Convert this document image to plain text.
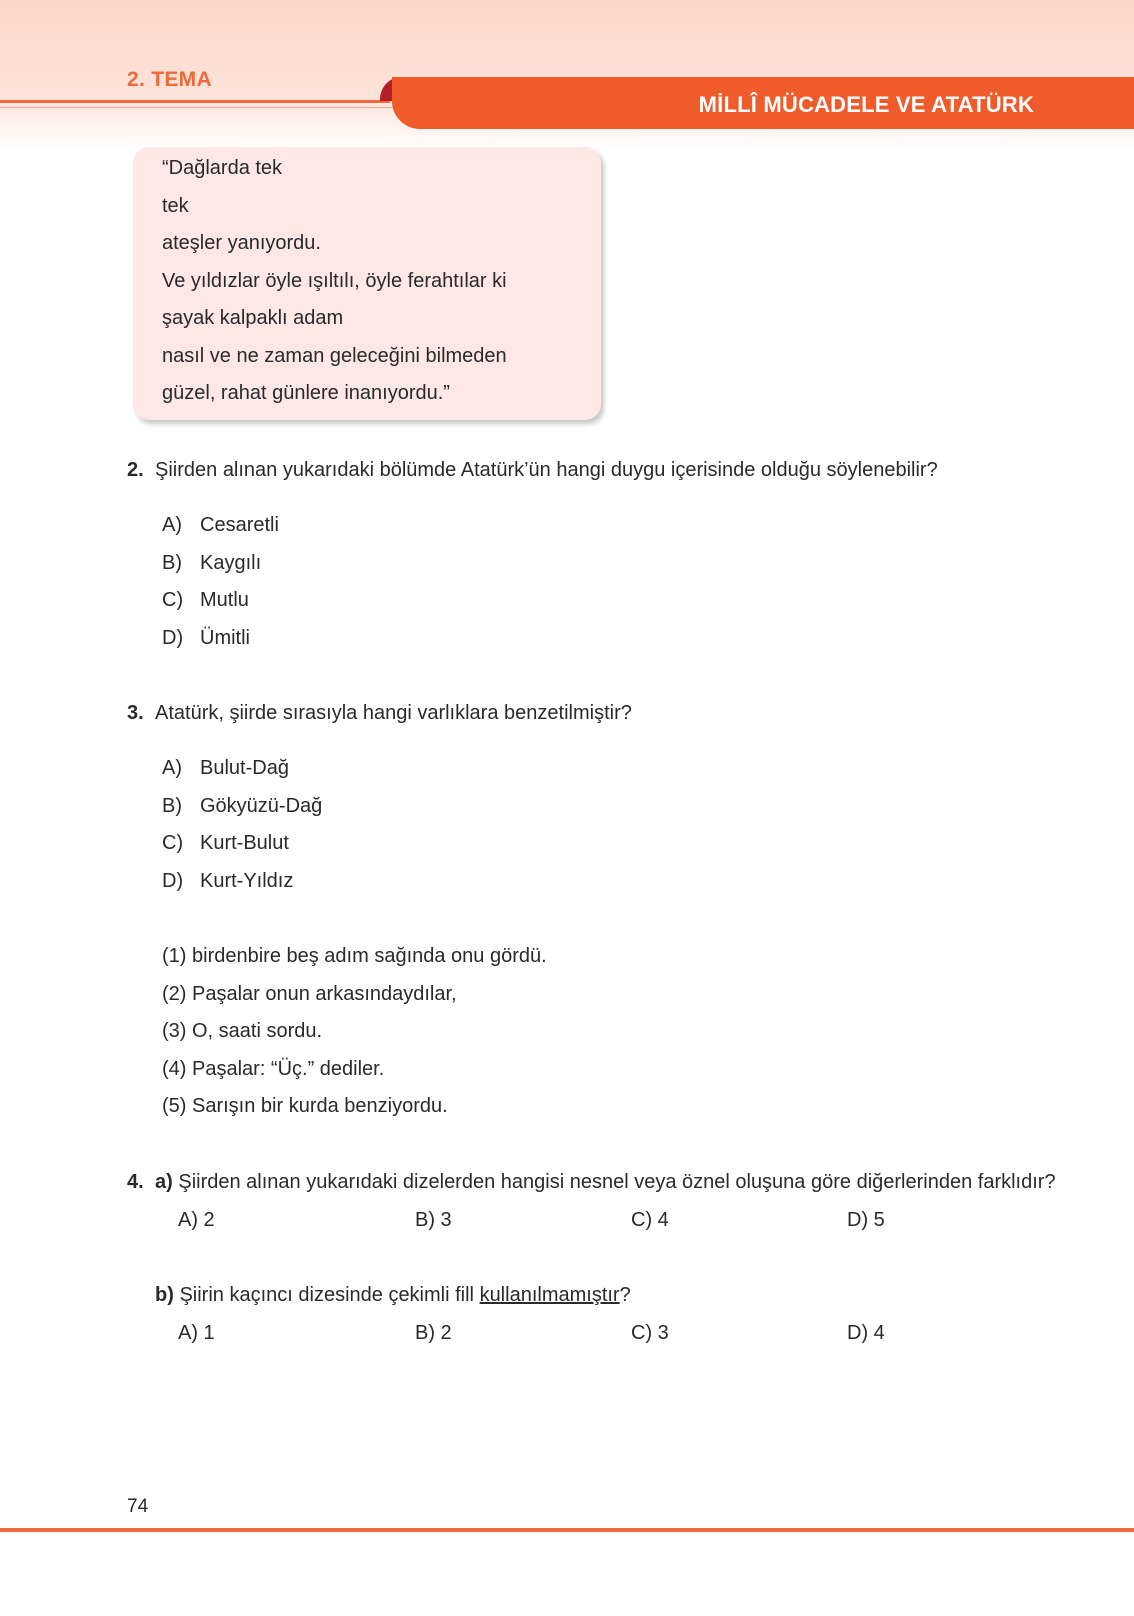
2. TEMA
MİLLÎ MÜCADELE VE ATATÜRK
“Dağlarda tek
tek
ateşler yanıyordu.
Ve yıldızlar öyle ışıltılı, öyle ferahtılar ki
şayak kalpaklı adam
nasıl ve ne zaman geleceğini bilmeden
güzel, rahat günlere inanıyordu.”
2. Şiirden alınan yukarıdaki bölümde Atatürk’ün hangi duygu içerisinde olduğu söylenebilir?
A) Cesaretli
B) Kaygılı
C) Mutlu
D) Ümitli
3. Atatürk, şiirde sırasıyla hangi varlıklara benzetilmiştir?
A) Bulut-Dağ
B) Gökyüzü-Dağ
C) Kurt-Bulut
D) Kurt-Yıldız
(1) birdenbire beş adım sağında onu gördü.
(2) Paşalar onun arkasındaydılar,
(3) O, saati sordu.
(4) Paşalar: “Üç.” dediler.
(5) Sarışın bir kurda benziyordu.
4. a) Şiirden alınan yukarıdaki dizelerden hangisi nesnel veya öznel oluşuna göre diğerlerinden farklıdır?
A) 2	B) 3	C) 4	D) 5
b) Şiirin kaçıncı dizesinde çekimli fill kullanılmamıştır?
A) 1	B) 2	C) 3	D) 4
74
